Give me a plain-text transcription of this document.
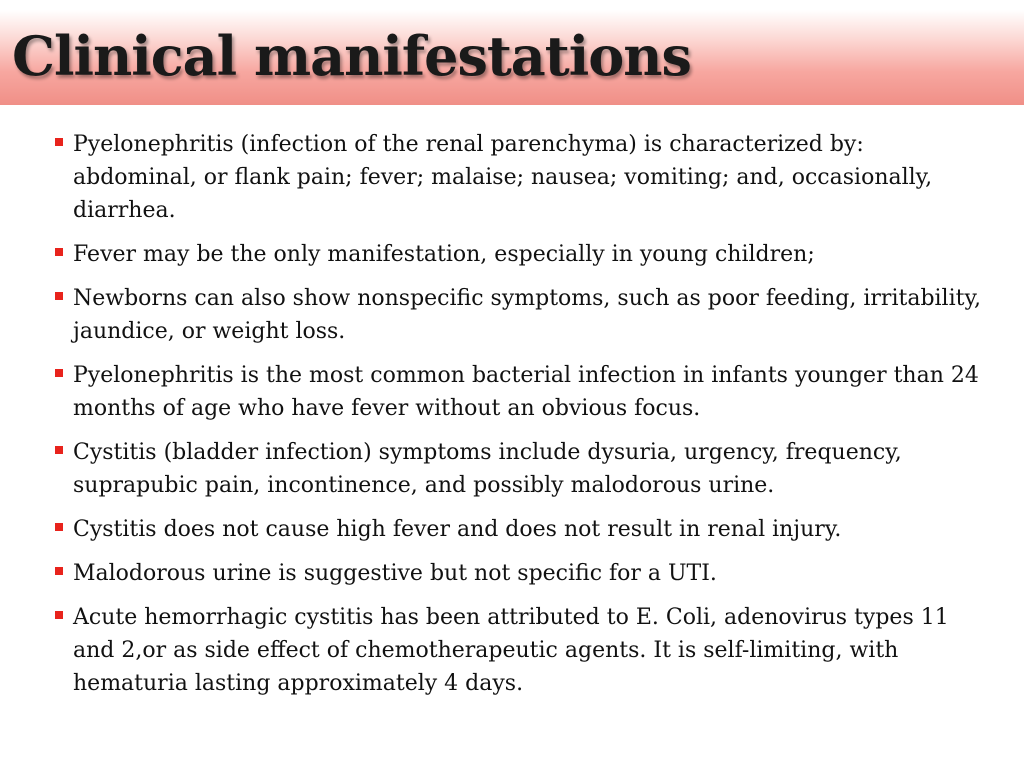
Clinical manifestations
Pyelonephritis (infection of the renal parenchyma) is characterized by: abdominal, or flank pain; fever; malaise; nausea; vomiting; and, occasionally, diarrhea.
Fever may be the only manifestation, especially in young children;
Newborns can also show nonspecific symptoms, such as poor feeding, irritability, jaundice, or weight loss.
Pyelonephritis is the most common bacterial infection in infants younger than 24 months of age who have fever without an obvious focus.
Cystitis (bladder infection) symptoms include dysuria, urgency, frequency, suprapubic pain, incontinence, and possibly malodorous urine.
Cystitis does not cause high fever and does not result in renal injury.
Malodorous urine is suggestive but not specific for a UTI.
Acute hemorrhagic cystitis has been attributed to E. Coli, adenovirus types 11 and 2,or as side effect of chemotherapeutic agents. It is self-limiting, with hematuria lasting approximately 4 days.
